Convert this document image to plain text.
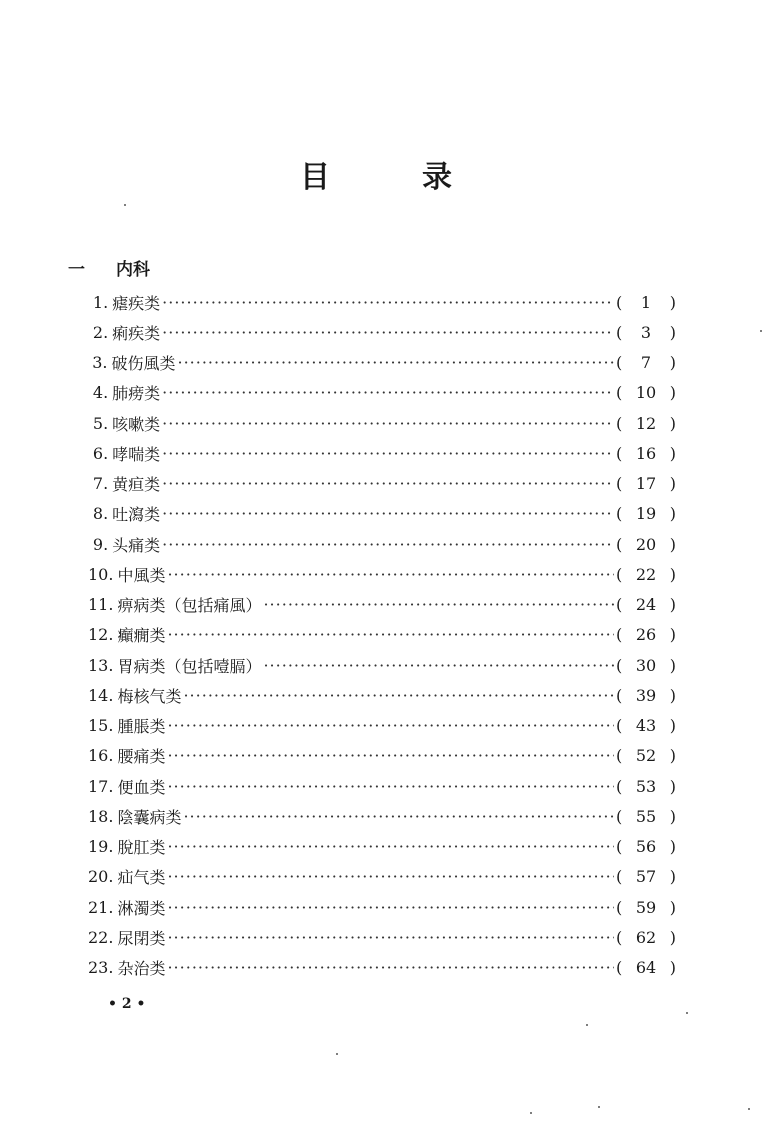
目	录
一 内科
1. 瘧疾类 ·····	( 1 )
2. 痢疾类 ·····	( 3 )
3. 破伤風类 ·····	( 7 )
4. 肺痨类 ·····	( 10 )
5. 咳嗽类 ·····	( 12 )
6. 哮喘类 ·····	( 16 )
7. 黄疸类 ·····	( 17 )
8. 吐瀉类 ·····	( 19 )
9. 头痛类 ·····	( 20 )
10. 中風类 ·····	( 22 )
11. 痹病类（包括痛風） ·····	( 24 )
12. 癲癇类 ·····	( 26 )
13. 胃病类（包括噎膈） ·····	( 30 )
14. 梅核气类 ·····	( 39 )
15. 腫脹类 ·····	( 43 )
16. 腰痛类 ·····	( 52 )
17. 便血类 ·····	( 53 )
18. 陰囊病类 ·····	( 55 )
19. 脫肛类 ·····	( 56 )
20. 疝气类 ·····	( 57 )
21. 淋濁类 ·····	( 59 )
22. 尿閉类 ·····	( 62 )
23. 杂治类 ·····	( 64 )
• 2 •
